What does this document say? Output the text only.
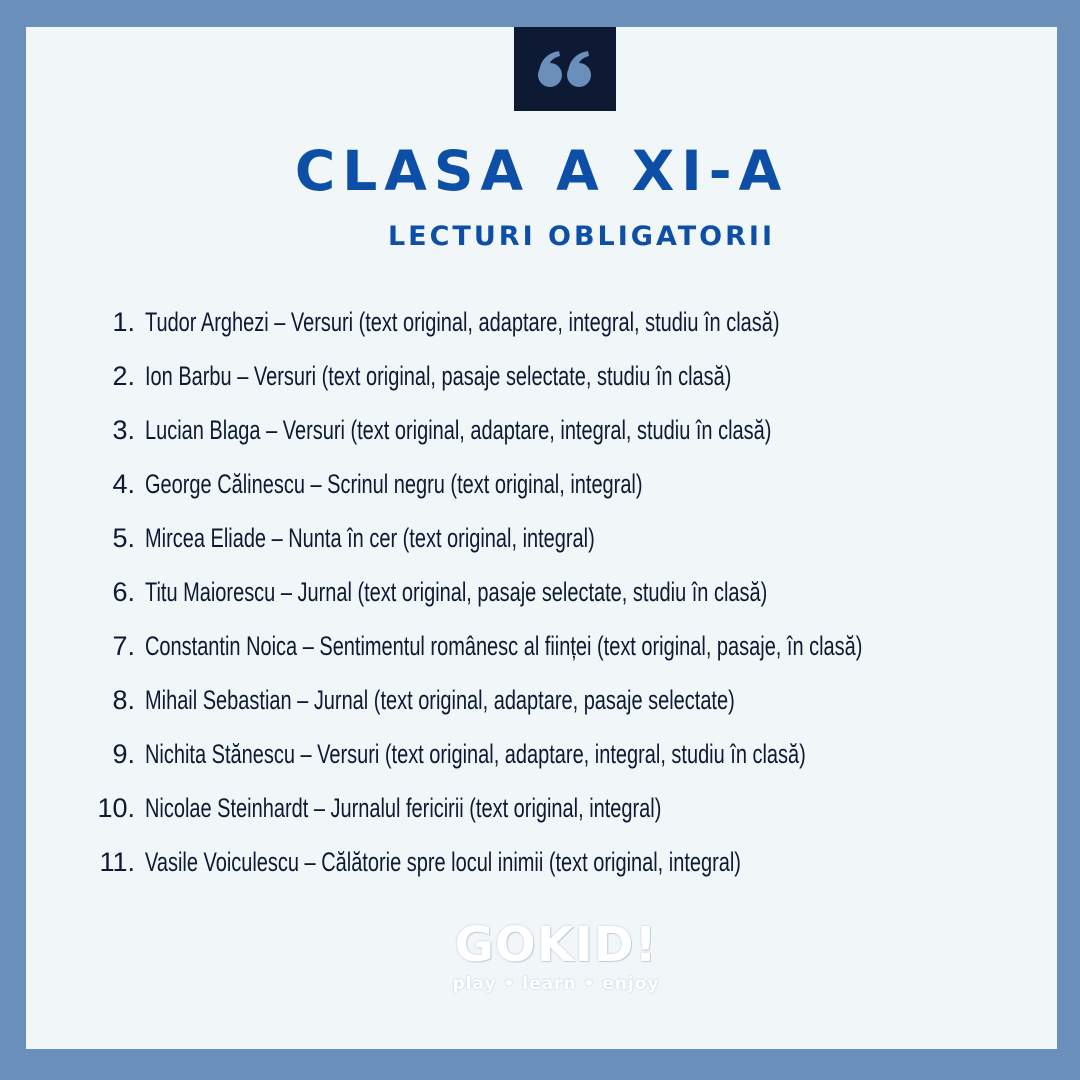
CLASA A XI-A
LECTURI OBLIGATORII
1. Tudor Arghezi – Versuri (text original, adaptare, integral, studiu în clasă)
2. Ion Barbu – Versuri (text original, pasaje selectate, studiu în clasă)
3. Lucian Blaga – Versuri (text original, adaptare, integral, studiu în clasă)
4. George Călinescu – Scrinul negru (text original, integral)
5. Mircea Eliade – Nunta în cer (text original, integral)
6. Titu Maiorescu – Jurnal (text original, pasaje selectate, studiu în clasă)
7. Constantin Noica – Sentimentul românesc al ființei (text original, pasaje, în clasă)
8. Mihail Sebastian – Jurnal (text original, adaptare, pasaje selectate)
9. Nichita Stănescu – Versuri (text original, adaptare, integral, studiu în clasă)
10. Nicolae Steinhardt – Jurnalul fericirii (text original, integral)
11. Vasile Voiculescu – Călătorie spre locul inimii (text original, integral)
GOKID!
play • learn • enjoy
